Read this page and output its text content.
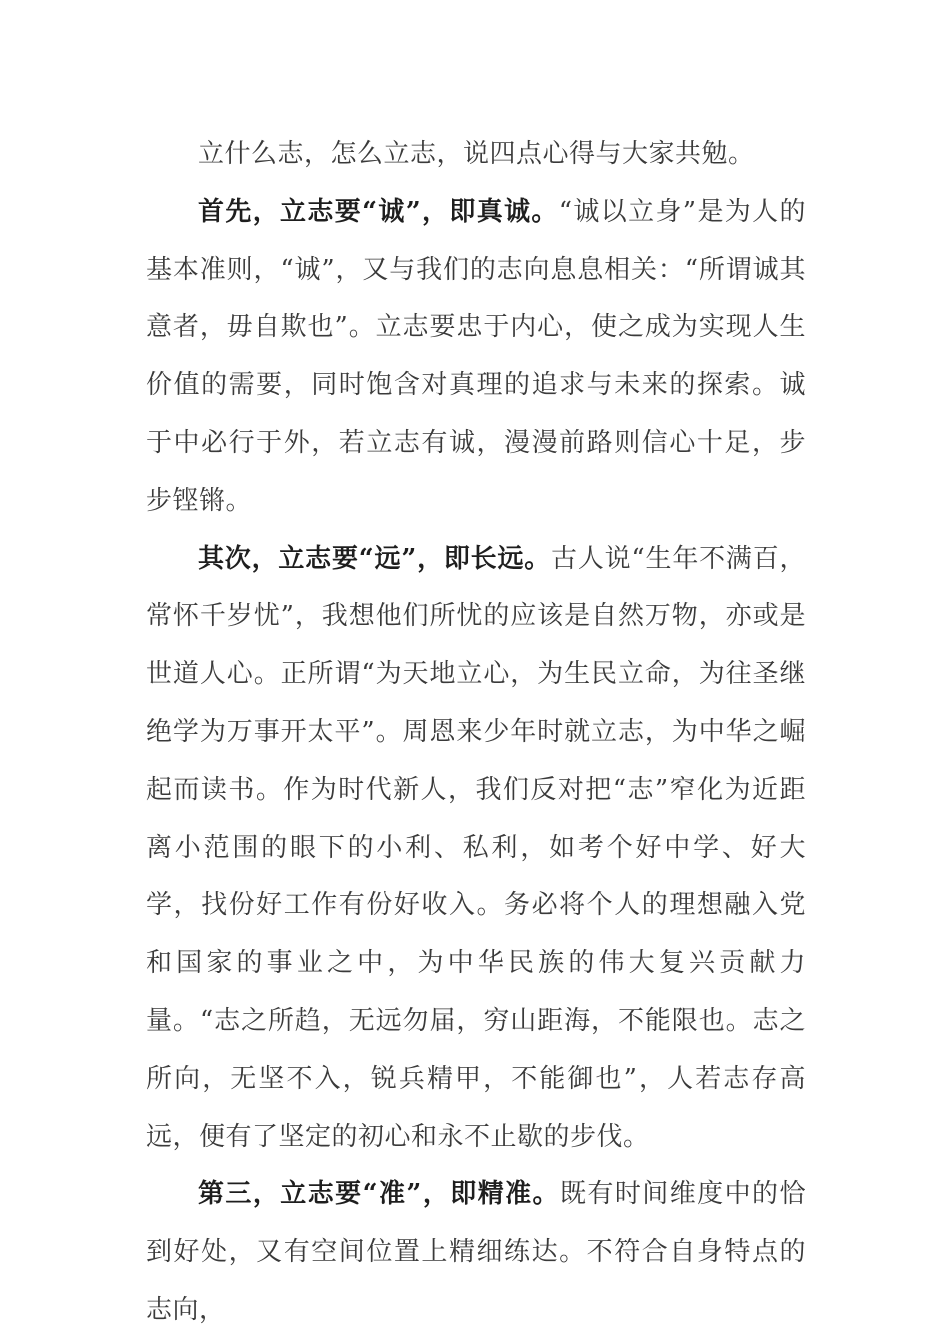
立什么志，怎么立志，说四点心得与大家共勉。

首先，立志要“诚”，即真诚。“诚以立身”是为人的基本准则，“诚”，又与我们的志向息息相关：“所谓诚其意者，毋自欺也”。立志要忠于内心，使之成为实现人生价值的需要，同时饱含对真理的追求与未来的探索。诚于中必行于外，若立志有诚，漫漫前路则信心十足，步步铿锵。

其次，立志要“远”，即长远。古人说“生年不满百，常怀千岁忧”，我想他们所忧的应该是自然万物，亦或是世道人心。正所谓“为天地立心，为生民立命，为往圣继绝学为万事开太平”。周恩来少年时就立志，为中华之崛起而读书。作为时代新人，我们反对把“志”窄化为近距离小范围的眼下的小利、私利，如考个好中学、好大学，找份好工作有份好收入。务必将个人的理想融入党和国家的事业之中，为中华民族的伟大复兴贡献力量。“志之所趋，无远勿届，穷山距海，不能限也。志之所向，无坚不入，锐兵精甲，不能御也”，人若志存高远，便有了坚定的初心和永不止歇的步伐。

第三，立志要“准”，即精准。既有时间维度中的恰到好处，又有空间位置上精细练达。不符合自身特点的志向，
